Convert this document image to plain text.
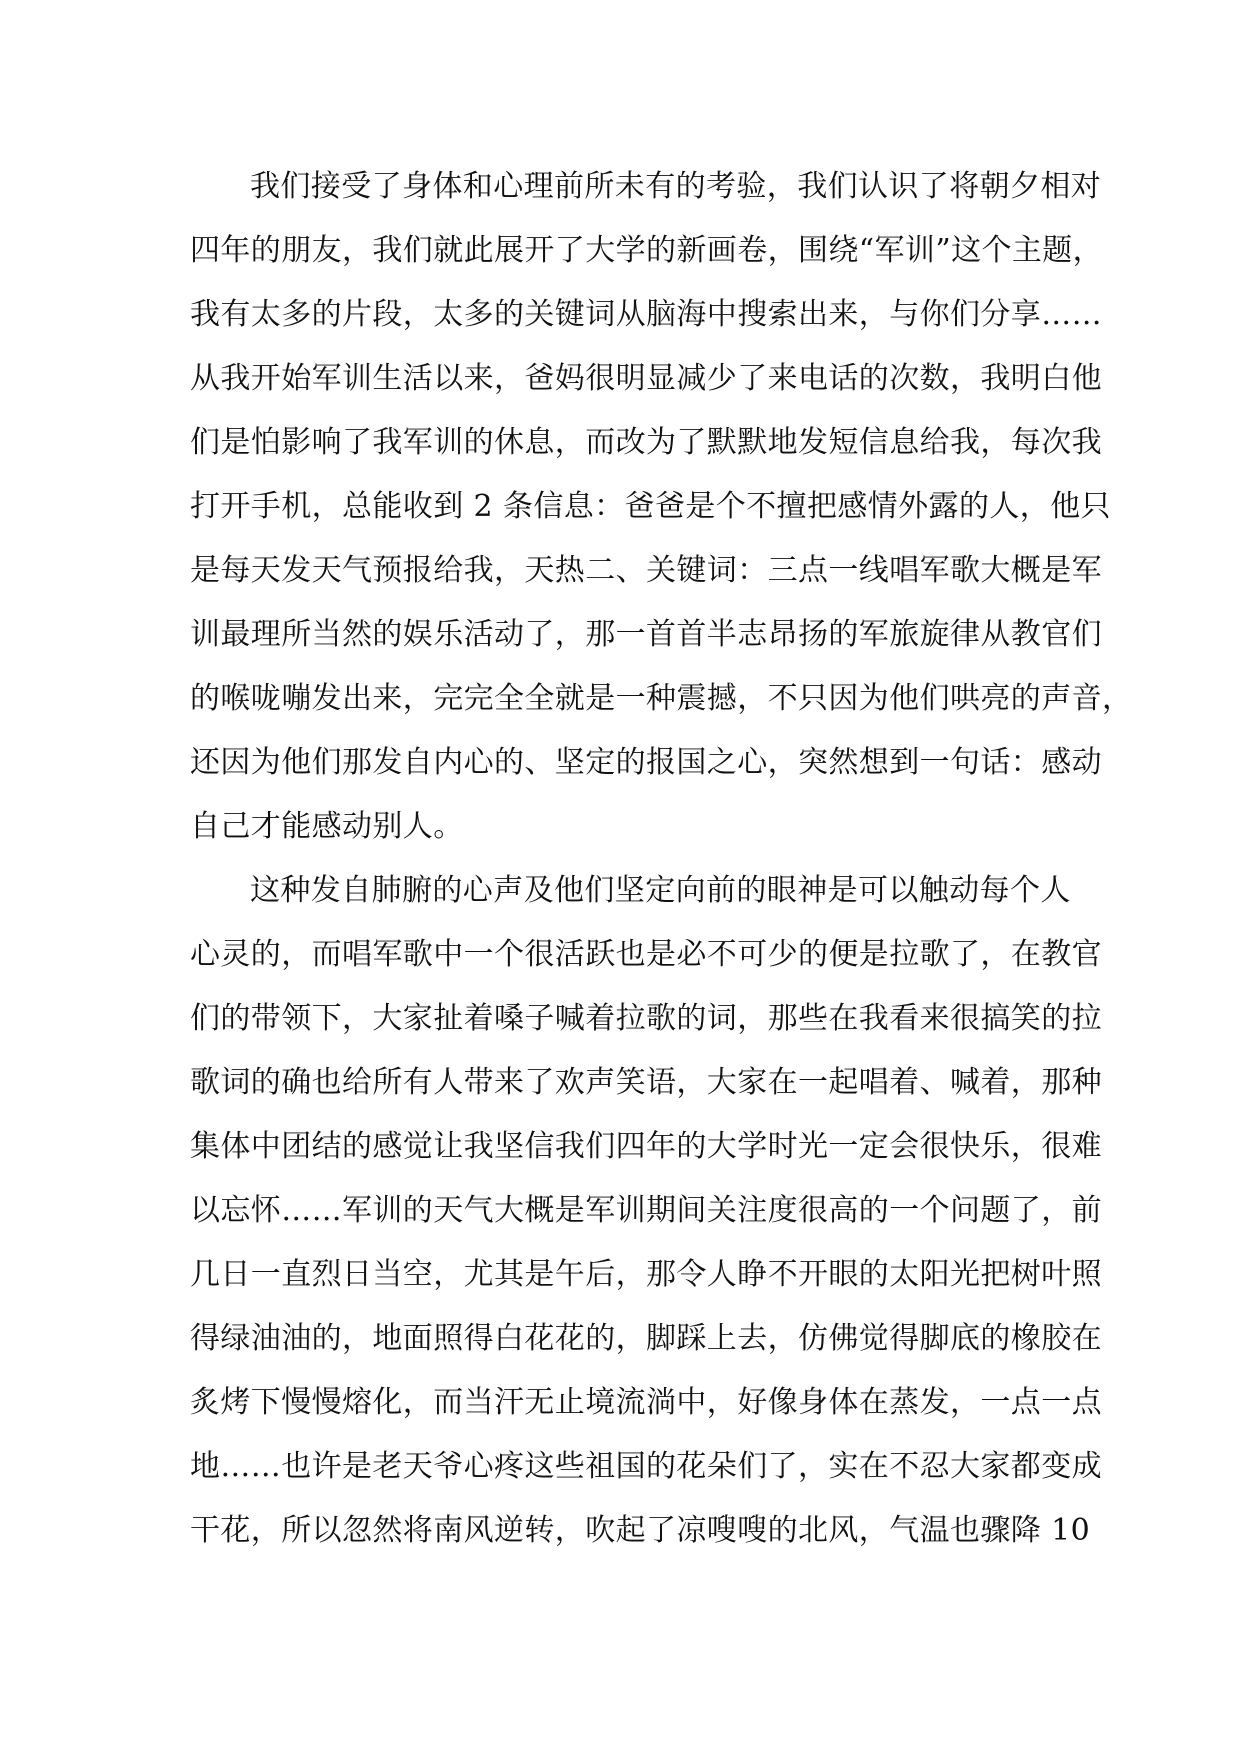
我们接受了身体和心理前所未有的考验，我们认识了将朝夕相对
四年的朋友，我们就此展开了大学的新画卷，围绕“军训”这个主题，
我有太多的片段，太多的关键词从脑海中搜索出来，与你们分享……
从我开始军训生活以来，爸妈很明显减少了来电话的次数，我明白他
们是怕影响了我军训的休息，而改为了默默地发短信息给我，每次我
打开手机，总能收到 2 条信息：爸爸是个不擅把感情外露的人，他只
是每天发天气预报给我，天热二、关键词：三点一线唱军歌大概是军
训最理所当然的娱乐活动了，那一首首半志昂扬的军旅旋律从教官们
的喉咙嘣发出来，完完全全就是一种震撼，不只因为他们哄亮的声音，
还因为他们那发自内心的、坚定的报国之心，突然想到一句话：感动
自己才能感动别人。
这种发自肺腑的心声及他们坚定向前的眼神是可以触动每个人
心灵的，而唱军歌中一个很活跃也是必不可少的便是拉歌了，在教官
们的带领下，大家扯着嗓子喊着拉歌的词，那些在我看来很搞笑的拉
歌词的确也给所有人带来了欢声笑语，大家在一起唱着、喊着，那种
集体中团结的感觉让我坚信我们四年的大学时光一定会很快乐，很难
以忘怀……军训的天气大概是军训期间关注度很高的一个问题了，前
几日一直烈日当空，尤其是午后，那令人睁不开眼的太阳光把树叶照
得绿油油的，地面照得白花花的，脚踩上去，仿佛觉得脚底的橡胶在
炙烤下慢慢熔化，而当汗无止境流淌中，好像身体在蒸发，一点一点
地……也许是老天爷心疼这些祖国的花朵们了，实在不忍大家都变成
干花，所以忽然将南风逆转，吹起了凉嗖嗖的北风，气温也骤降 10
